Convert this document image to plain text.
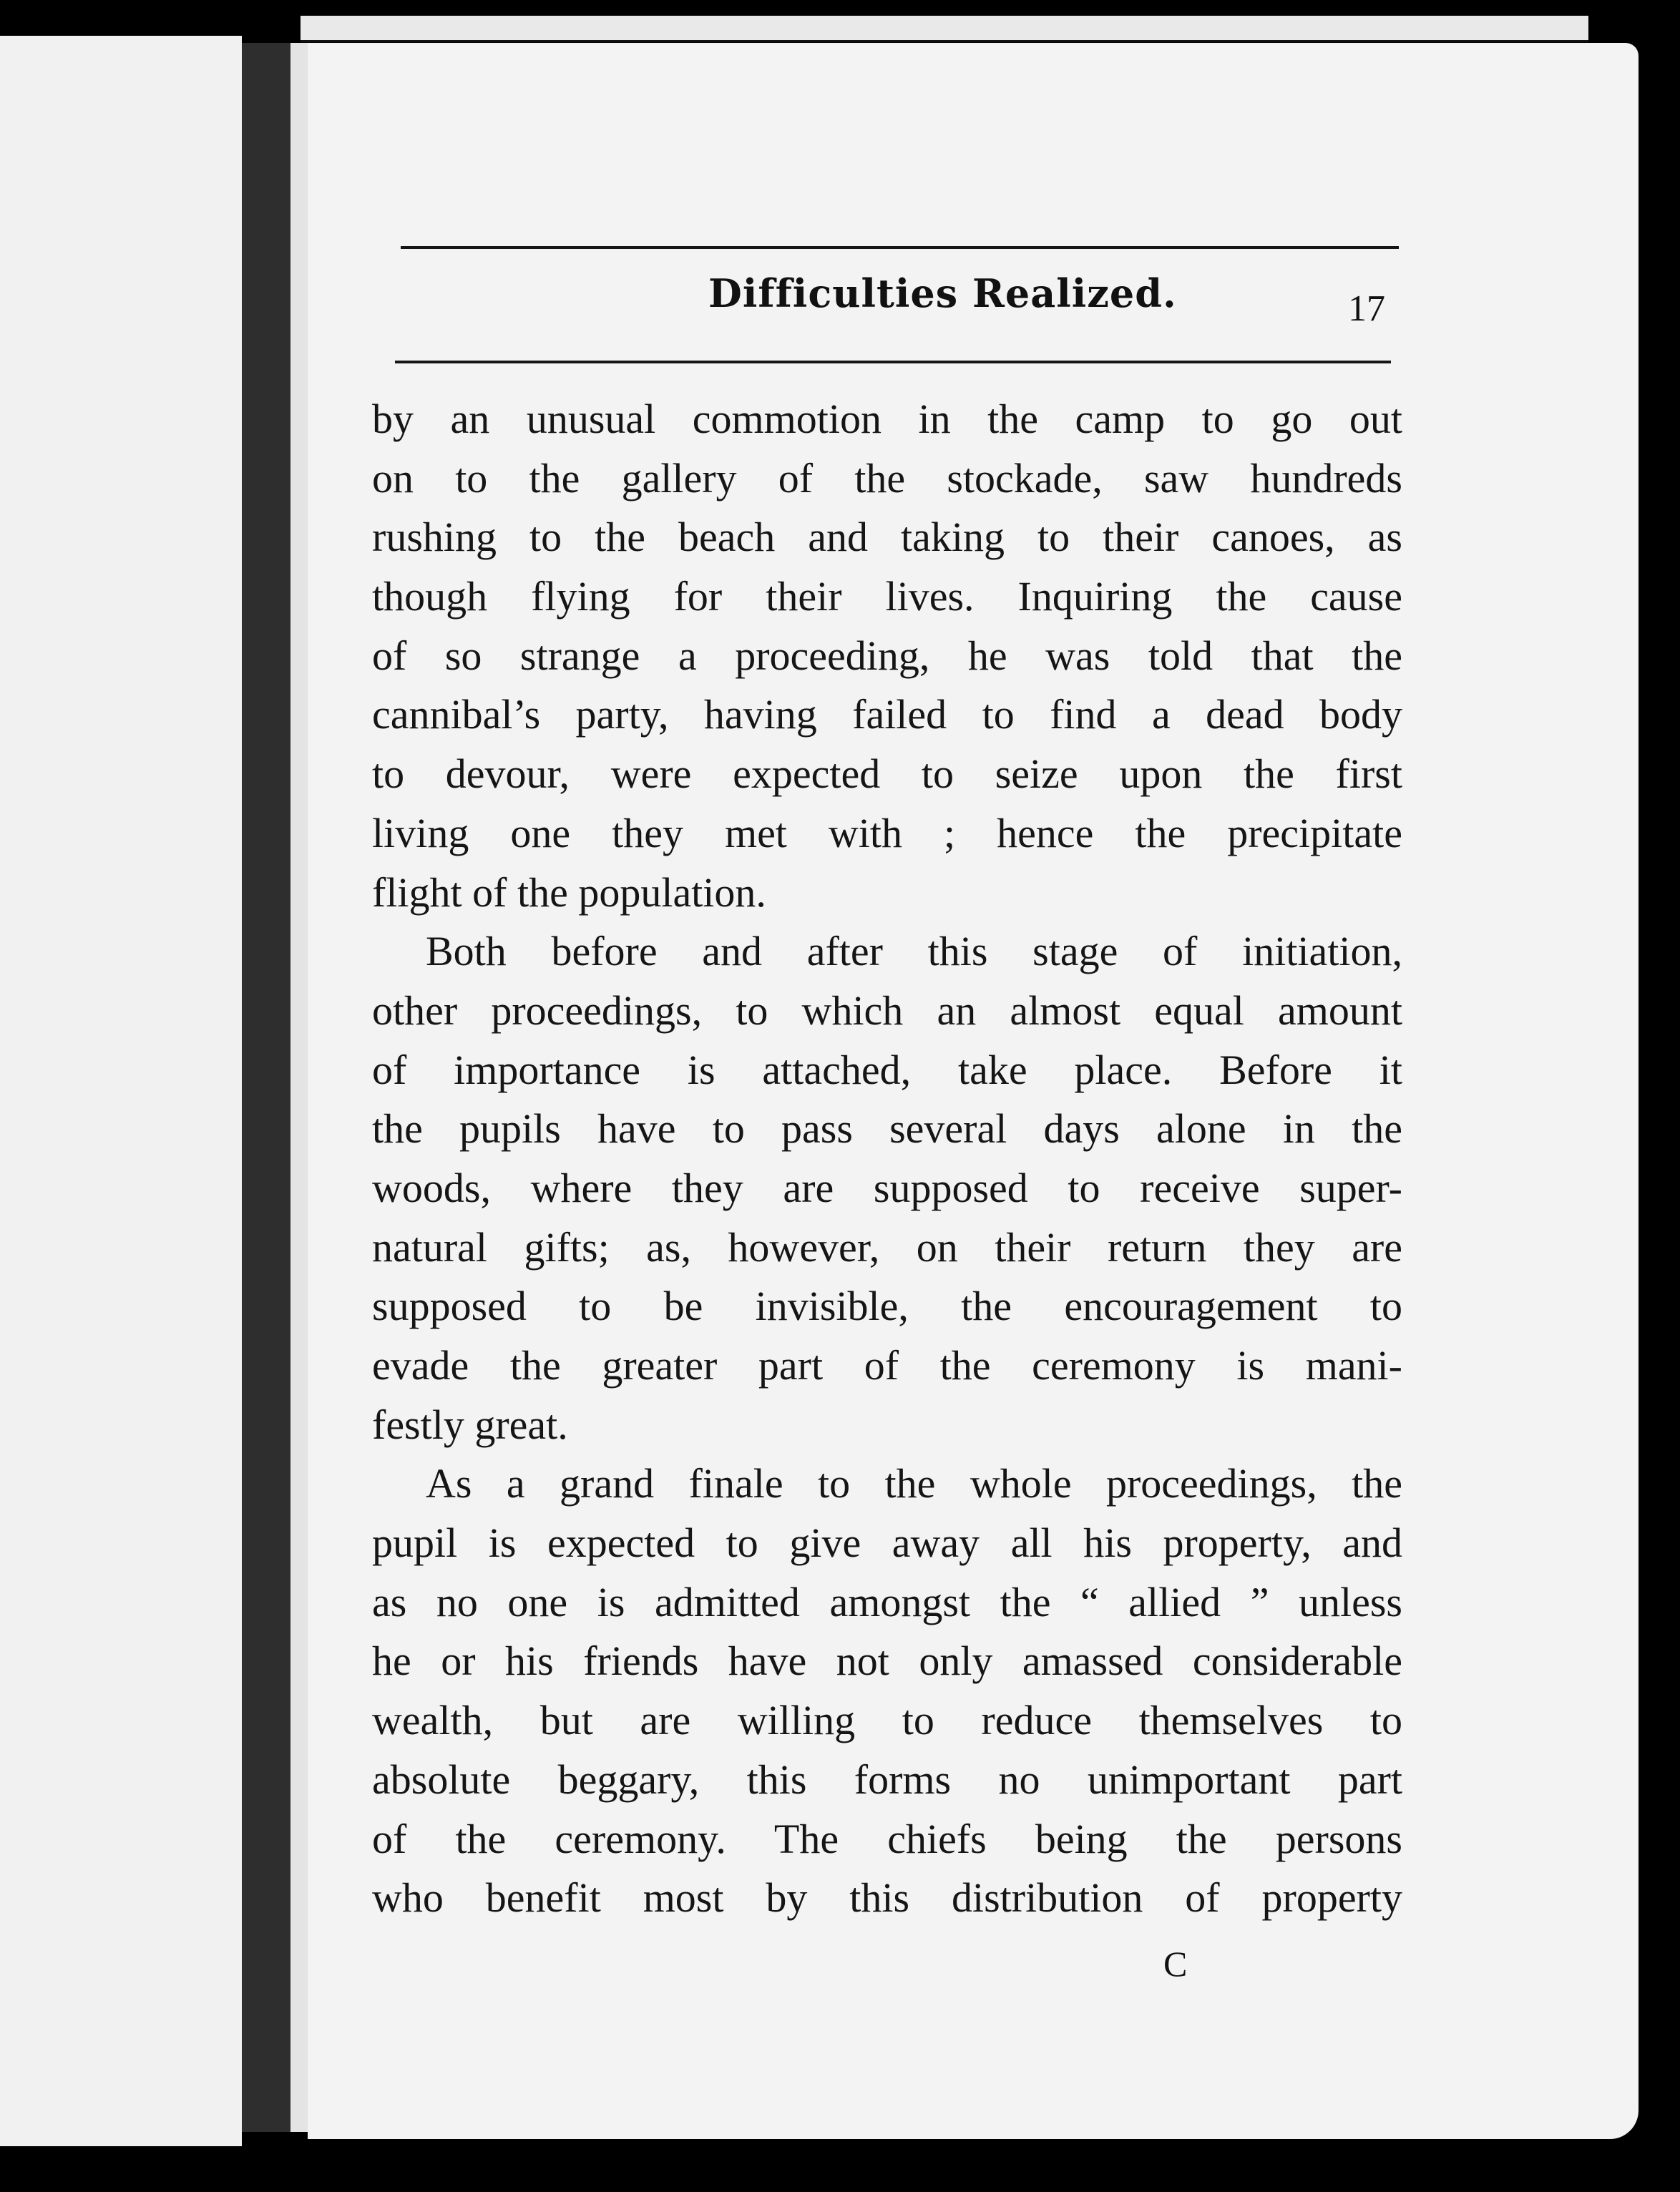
Difficulties Realized.	17
by an unusual commotion in the camp to go out
on to the gallery of the stockade, saw hundreds
rushing to the beach and taking to their canoes, as
though flying for their lives. Inquiring the cause
of so strange a proceeding, he was told that the
cannibal’s party, having failed to find a dead body
to devour, were expected to seize upon the first
living one they met with ; hence the precipitate
flight of the population.
Both before and after this stage of initiation,
other proceedings, to which an almost equal amount
of importance is attached, take place. Before it
the pupils have to pass several days alone in the
woods, where they are supposed to receive super-
natural gifts; as, however, on their return they are
supposed to be invisible, the encouragement to
evade the greater part of the ceremony is mani-
festly great.
As a grand finale to the whole proceedings, the
pupil is expected to give away all his property, and
as no one is admitted amongst the “ allied ” unless
he or his friends have not only amassed considerable
wealth, but are willing to reduce themselves to
absolute beggary, this forms no unimportant part
of the ceremony. The chiefs being the persons
who benefit most by this distribution of property
C
